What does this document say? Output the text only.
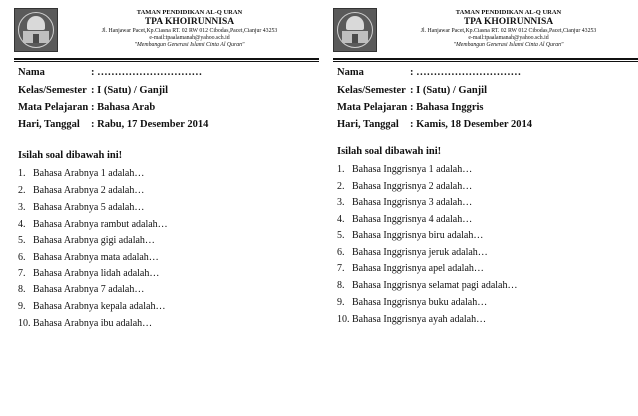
TAMAN PENDIDIKAN AL-Q URAN
TPA KHOIRUNNISA
Jl. Hanjawar Pacet,Kp.Ciasna RT. 02 RW 012 Cibodas,Pacet,Cianjur 43253
e-mail:tpaalamanah@yahoo.sch.id
"Membangun Generasi Islami Cinta Al Quran"
Nama	: …………………………
Kelas/Semester : I (Satu) / Ganjil
Mata Pelajaran : Bahasa Arab
Hari, Tanggal : Rabu, 17 Desember 2014
Isilah soal dibawah ini!
1. Bahasa Arabnya 1 adalah…
2. Bahasa Arabnya 2 adalah…
3. Bahasa Arabnya 5 adalah…
4. Bahasa Arabnya rambut adalah…
5. Bahasa Arabnya gigi adalah…
6. Bahasa Arabnya mata adalah…
7. Bahasa Arabnya lidah adalah…
8. Bahasa Arabnya 7 adalah…
9. Bahasa Arabnya kepala adalah…
10. Bahasa Arabnya ibu adalah…
TAMAN PENDIDIKAN AL-Q URAN
TPA KHOIRUNNISA
Jl. Hanjawar Pacet,Kp.Ciasna RT. 02 RW 012 Cibodas,Pacet,Cianjur 43253
e-mail:tpaalamanah@yahoo.sch.id
"Membangun Generasi Islami Cinta Al Quran"
Nama	: …………………………
Kelas/Semester : I (Satu) / Ganjil
Mata Pelajaran : Bahasa Inggris
Hari, Tanggal : Kamis, 18 Desember 2014
Isilah soal dibawah ini!
1. Bahasa Inggrisnya 1 adalah…
2. Bahasa Inggrisnya 2 adalah…
3. Bahasa Inggrisnya 3 adalah…
4. Bahasa Inggrisnya 4 adalah…
5. Bahasa Inggrisnya biru adalah…
6. Bahasa Inggrisnya jeruk adalah…
7. Bahasa Inggrisnya apel adalah…
8. Bahasa Inggrisnya selamat pagi adalah…
9. Bahasa Inggrisnya buku adalah…
10. Bahasa Inggrisnya ayah adalah…
